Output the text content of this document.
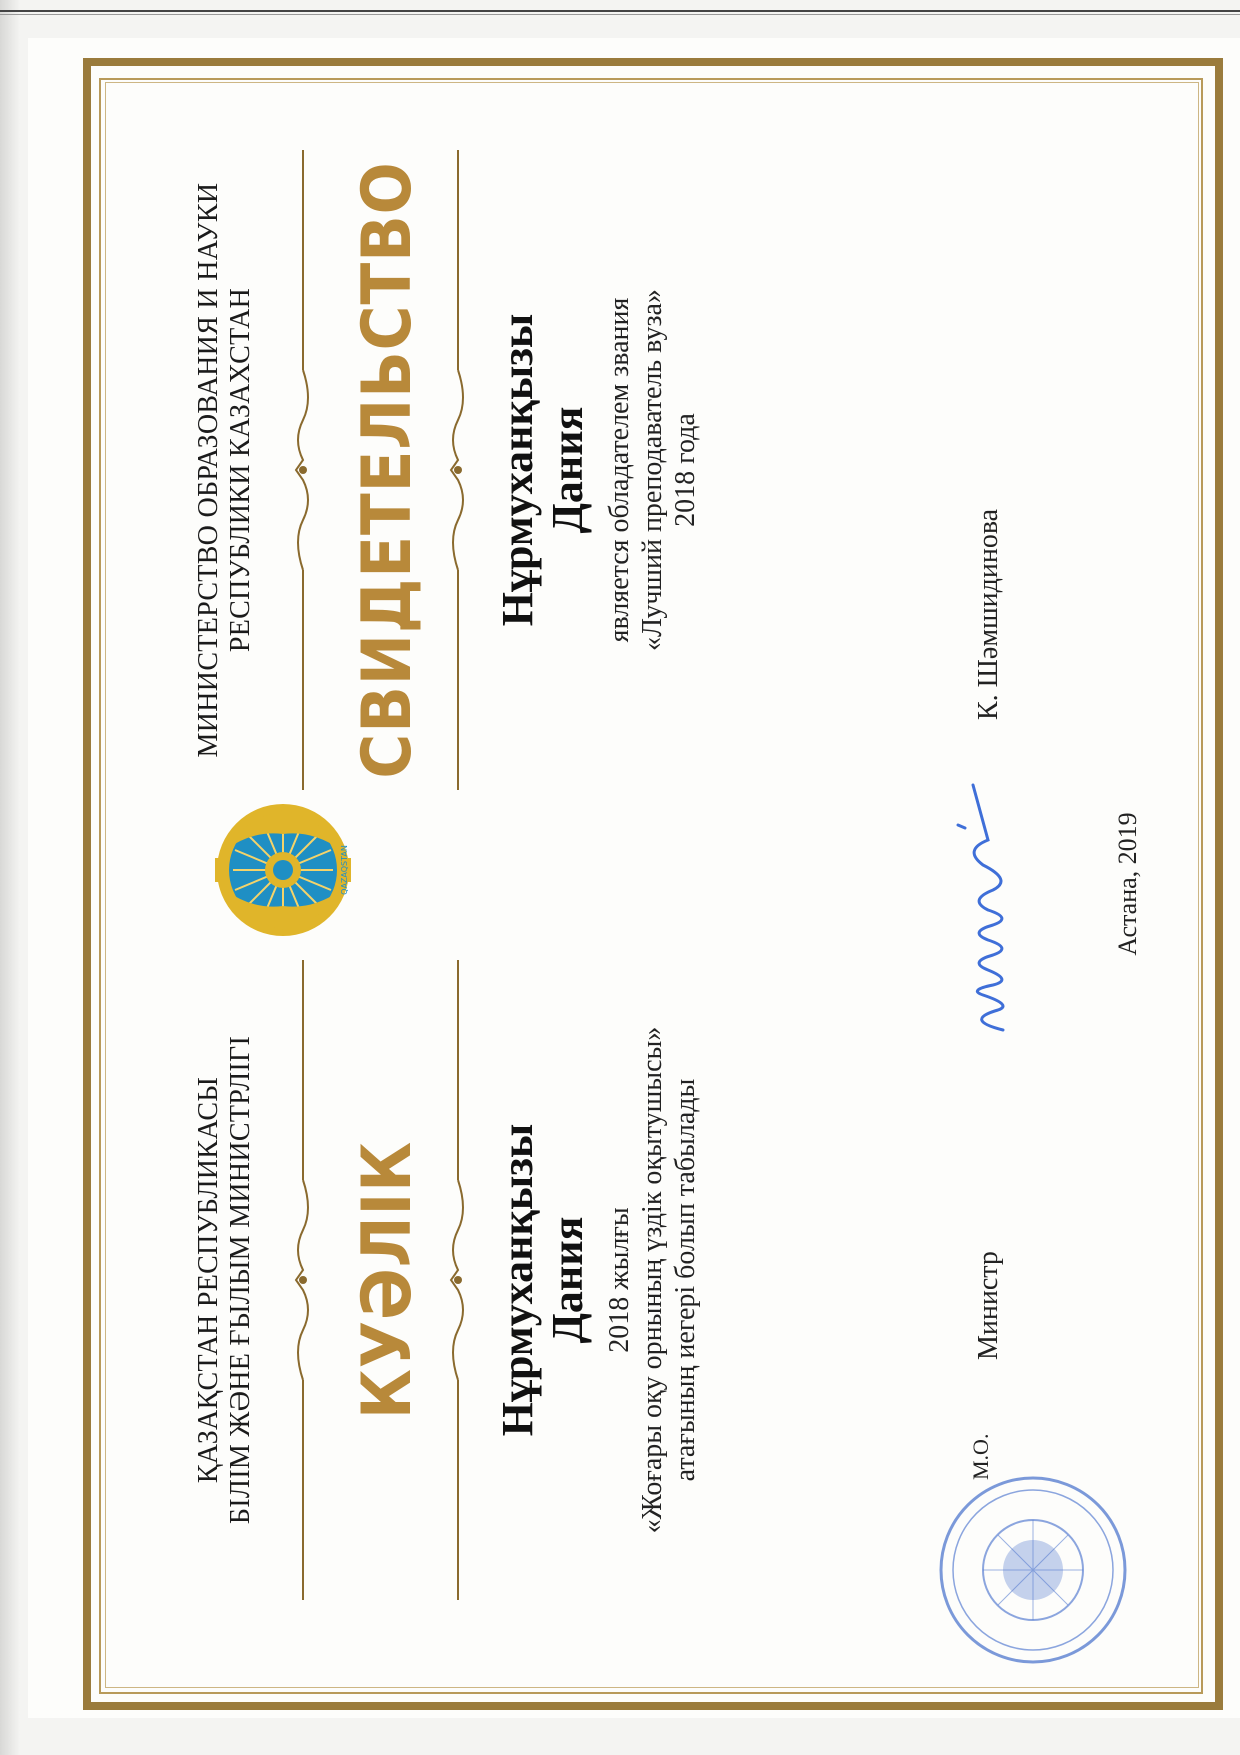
ҚАЗАҚСТАН РЕСПУБЛИКАСЫ БІЛІМ ЖӘНЕ ҒЫЛЫМ МИНИСТРЛІГІ КУӘЛІК Нұрмуханқызы Дания 2018 жылғы «Жоғары оқу орнының үздік оқытушысы» атағының иегері болып табылады
QAZAQSTAN
МИНИСТЕРСТВО ОБРАЗОВАНИЯ И НАУКИ РЕСПУБЛИКИ КАЗАХСТАН СВИДЕТЕЛЬСТВО Нұрмуханқызы Дания является обладателем звания «Лучший преподаватель вуза» 2018 года
М.О.
Министр
К. Шәмшидинова
Астана, 2019
